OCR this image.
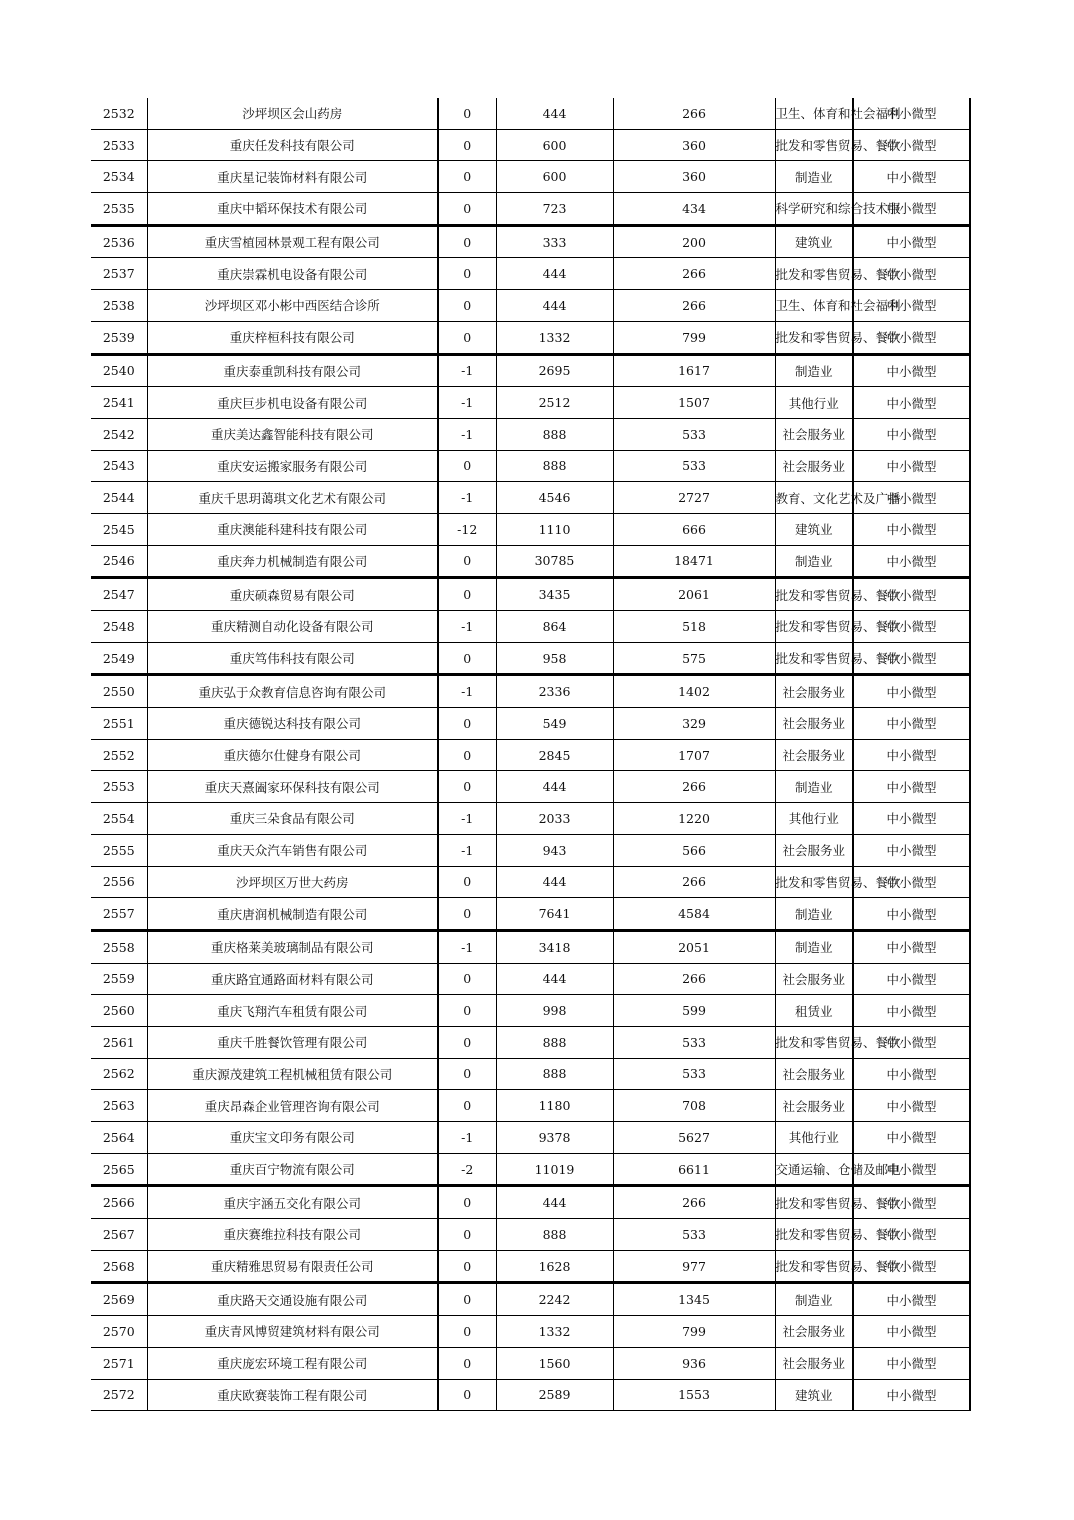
2532	沙坪坝区会山药房	0	444	266	卫生、体育和社会福利	中小微型
2533	重庆任发科技有限公司	0	600	360	批发和零售贸易、餐饮	中小微型
2534	重庆星记装饰材料有限公司	0	600	360	制造业	中小微型
2535	重庆中韬环保技术有限公司	0	723	434	科学研究和综合技术服	中小微型
2536	重庆雪植园林景观工程有限公司	0	333	200	建筑业	中小微型
2537	重庆崇霖机电设备有限公司	0	444	266	批发和零售贸易、餐饮	中小微型
2538	沙坪坝区邓小彬中西医结合诊所	0	444	266	卫生、体育和社会福利	中小微型
2539	重庆梓桓科技有限公司	0	1332	799	批发和零售贸易、餐饮	中小微型
2540	重庆泰重凯科技有限公司	-1	2695	1617	制造业	中小微型
2541	重庆巨步机电设备有限公司	-1	2512	1507	其他行业	中小微型
2542	重庆美达鑫智能科技有限公司	-1	888	533	社会服务业	中小微型
2543	重庆安运搬家服务有限公司	0	888	533	社会服务业	中小微型
2544	重庆千思玥蔼琪文化艺术有限公司	-1	4546	2727	教育、文化艺术及广播	中小微型
2545	重庆澳能科建科技有限公司	-12	1110	666	建筑业	中小微型
2546	重庆奔力机械制造有限公司	0	30785	18471	制造业	中小微型
2547	重庆硕森贸易有限公司	0	3435	2061	批发和零售贸易、餐饮	中小微型
2548	重庆精测自动化设备有限公司	-1	864	518	批发和零售贸易、餐饮	中小微型
2549	重庆笃伟科技有限公司	0	958	575	批发和零售贸易、餐饮	中小微型
2550	重庆弘于众教育信息咨询有限公司	-1	2336	1402	社会服务业	中小微型
2551	重庆德锐达科技有限公司	0	549	329	社会服务业	中小微型
2552	重庆德尔仕健身有限公司	0	2845	1707	社会服务业	中小微型
2553	重庆天熹阖家环保科技有限公司	0	444	266	制造业	中小微型
2554	重庆三朵食品有限公司	-1	2033	1220	其他行业	中小微型
2555	重庆天众汽车销售有限公司	-1	943	566	社会服务业	中小微型
2556	沙坪坝区万世大药房	0	444	266	批发和零售贸易、餐饮	中小微型
2557	重庆唐润机械制造有限公司	0	7641	4584	制造业	中小微型
2558	重庆格莱美玻璃制品有限公司	-1	3418	2051	制造业	中小微型
2559	重庆路宜通路面材料有限公司	0	444	266	社会服务业	中小微型
2560	重庆飞翔汽车租赁有限公司	0	998	599	租赁业	中小微型
2561	重庆千胜餐饮管理有限公司	0	888	533	批发和零售贸易、餐饮	中小微型
2562	重庆源茂建筑工程机械租赁有限公司	0	888	533	社会服务业	中小微型
2563	重庆昂森企业管理咨询有限公司	0	1180	708	社会服务业	中小微型
2564	重庆宝文印务有限公司	-1	9378	5627	其他行业	中小微型
2565	重庆百宁物流有限公司	-2	11019	6611	交通运输、仓储及邮电	中小微型
2566	重庆宇涵五交化有限公司	0	444	266	批发和零售贸易、餐饮	中小微型
2567	重庆赛维拉科技有限公司	0	888	533	批发和零售贸易、餐饮	中小微型
2568	重庆精雅思贸易有限责任公司	0	1628	977	批发和零售贸易、餐饮	中小微型
2569	重庆路天交通设施有限公司	0	2242	1345	制造业	中小微型
2570	重庆青风博贸建筑材料有限公司	0	1332	799	社会服务业	中小微型
2571	重庆庞宏环境工程有限公司	0	1560	936	社会服务业	中小微型
2572	重庆欧赛装饰工程有限公司	0	2589	1553	建筑业	中小微型
